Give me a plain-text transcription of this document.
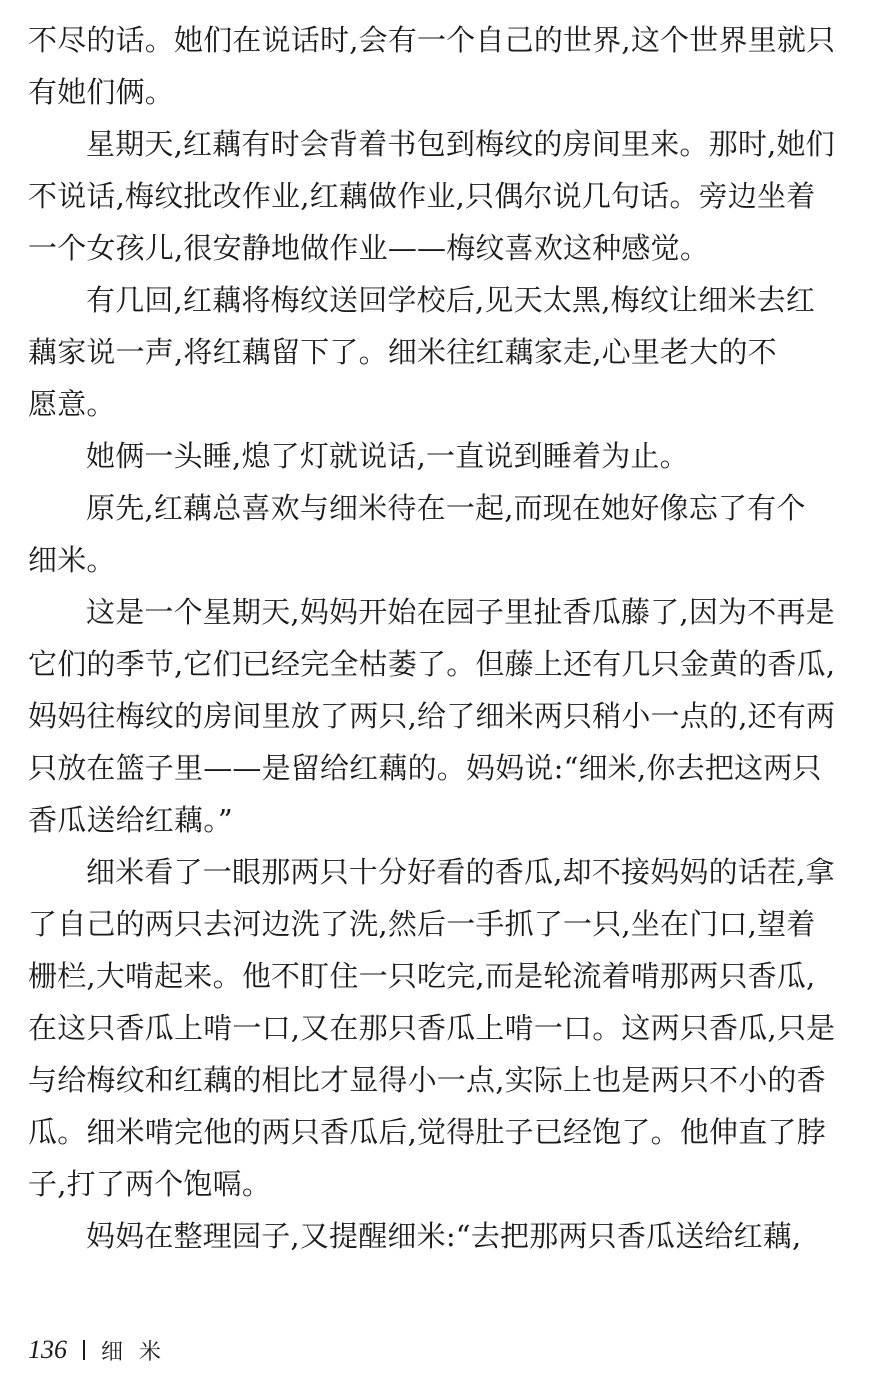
不尽的话。她们在说话时,会有一个自己的世界,这个世界里就只
有她们俩。
星期天,红藕有时会背着书包到梅纹的房间里来。那时,她们
不说话,梅纹批改作业,红藕做作业,只偶尔说几句话。旁边坐着
一个女孩儿,很安静地做作业——梅纹喜欢这种感觉。
有几回,红藕将梅纹送回学校后,见天太黑,梅纹让细米去红
藕家说一声,将红藕留下了。细米往红藕家走,心里老大的不
愿意。
她俩一头睡,熄了灯就说话,一直说到睡着为止。
原先,红藕总喜欢与细米待在一起,而现在她好像忘了有个
细米。
这是一个星期天,妈妈开始在园子里扯香瓜藤了,因为不再是
它们的季节,它们已经完全枯萎了。但藤上还有几只金黄的香瓜,
妈妈往梅纹的房间里放了两只,给了细米两只稍小一点的,还有两
只放在篮子里——是留给红藕的。妈妈说:“细米,你去把这两只
香瓜送给红藕。”
细米看了一眼那两只十分好看的香瓜,却不接妈妈的话茬,拿
了自己的两只去河边洗了洗,然后一手抓了一只,坐在门口,望着
栅栏,大啃起来。他不盯住一只吃完,而是轮流着啃那两只香瓜,
在这只香瓜上啃一口,又在那只香瓜上啃一口。这两只香瓜,只是
与给梅纹和红藕的相比才显得小一点,实际上也是两只不小的香
瓜。细米啃完他的两只香瓜后,觉得肚子已经饱了。他伸直了脖
子,打了两个饱嗝。
妈妈在整理园子,又提醒细米:“去把那两只香瓜送给红藕,
136 细米
